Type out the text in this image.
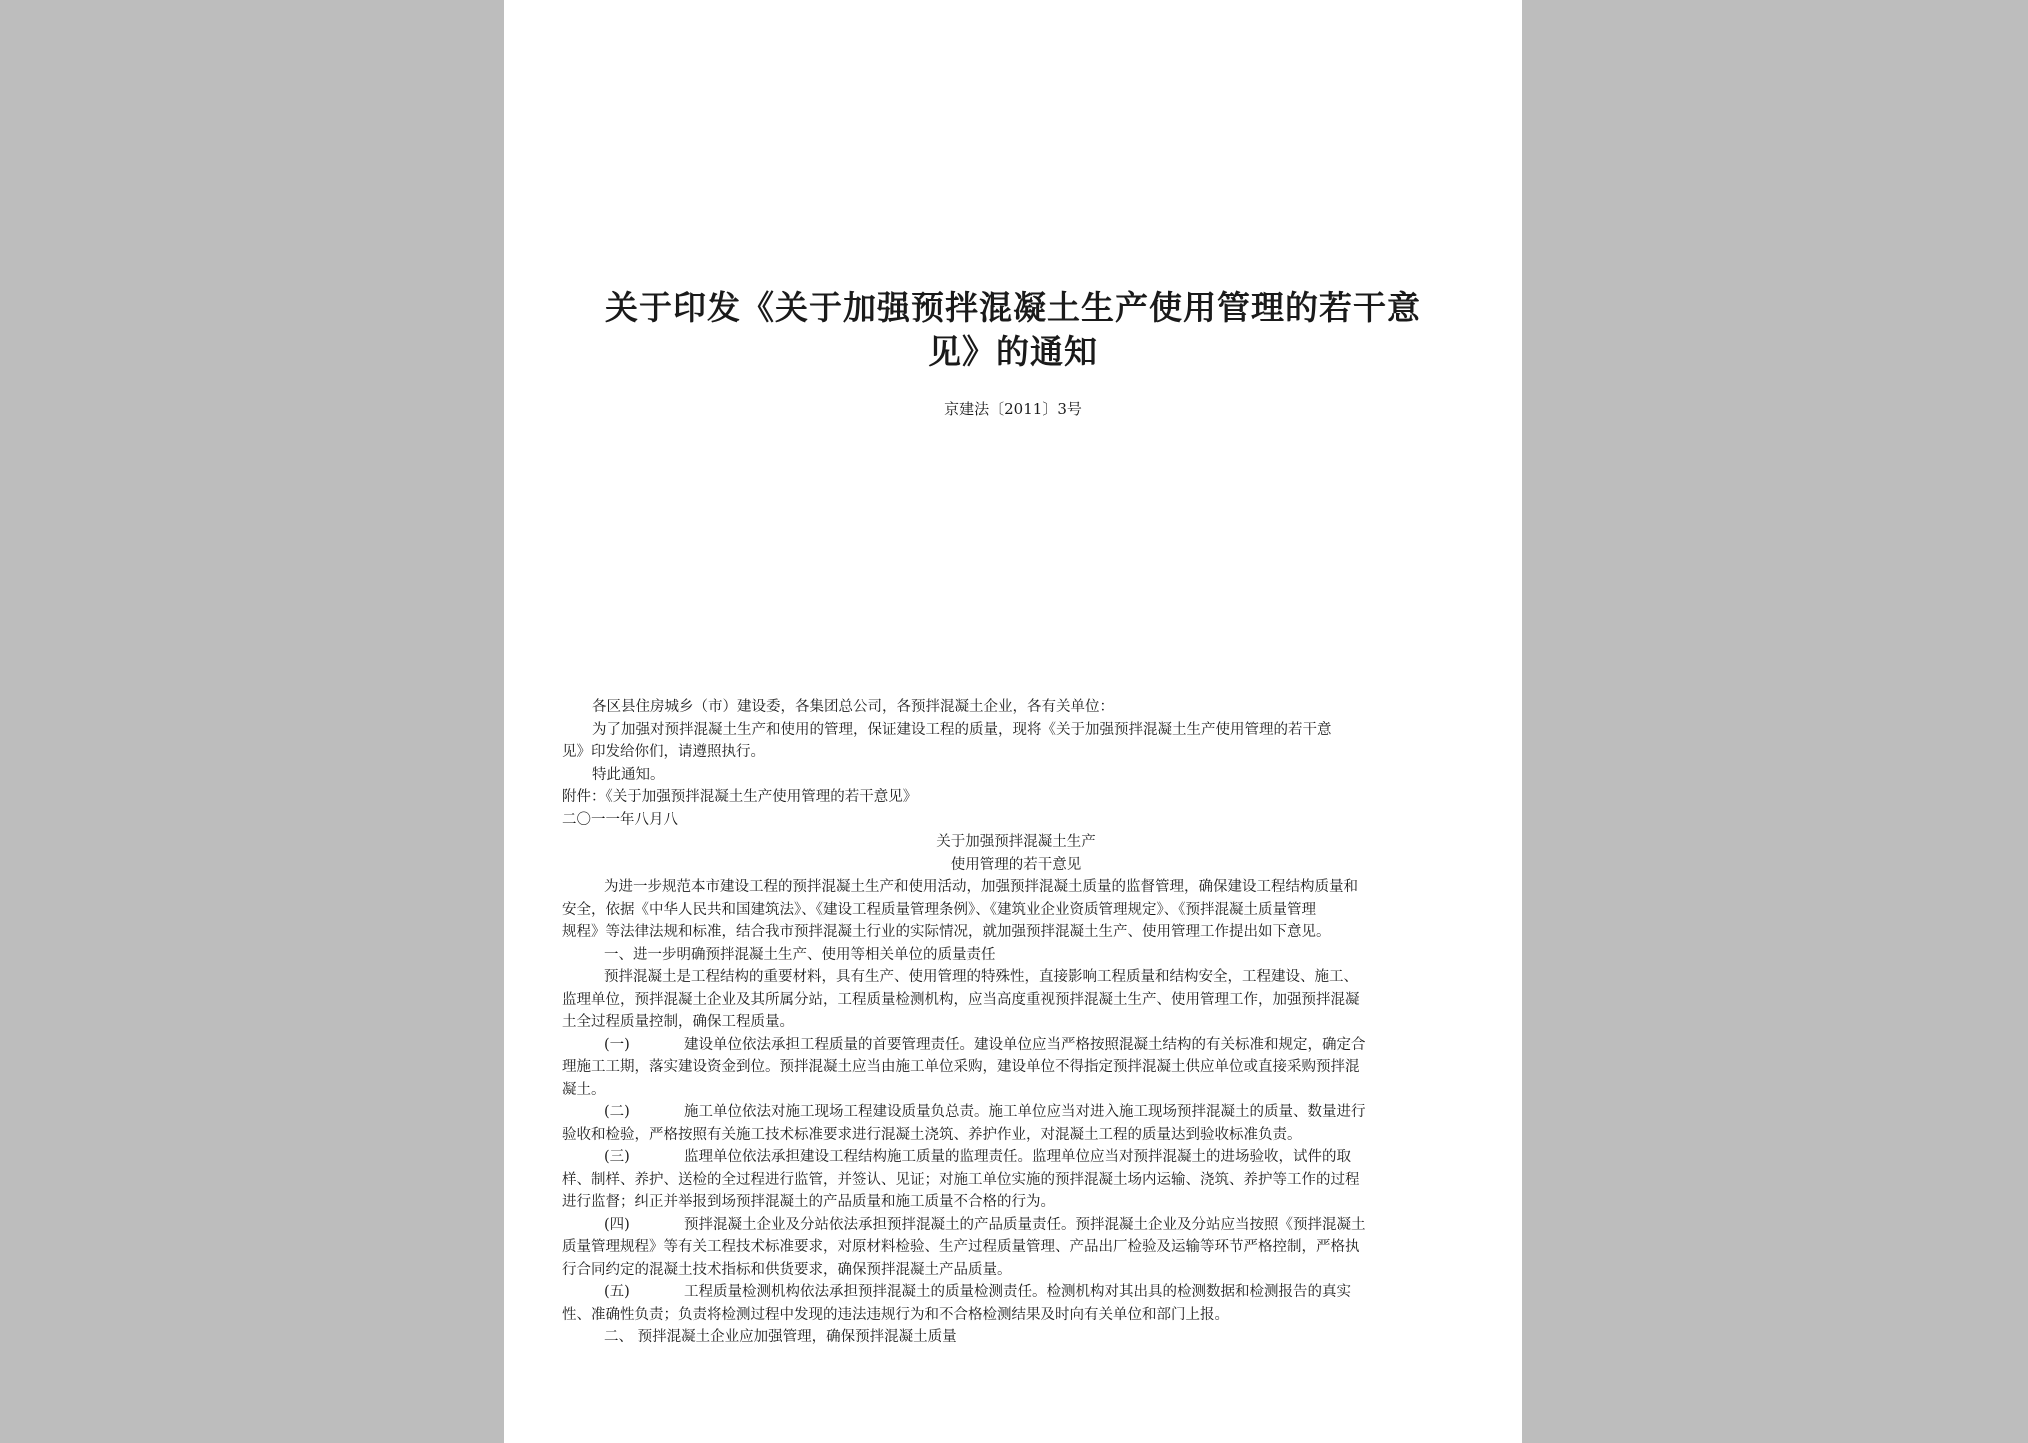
关于印发《关于加强预拌混凝土生产使用管理的若干意
见》的通知
京建法〔2011〕3号

各区县住房城乡（市）建设委，各集团总公司，各预拌混凝土企业，各有关单位：

为了加强对预拌混凝土生产和使用的管理，保证建设工程的质量，现将《关于加强预拌混凝土生产使用管理的若干意

见》印发给你们，请遵照执行。

特此通知。

附件：《关于加强预拌混凝土生产使用管理的若干意见》

二〇一一年八月八

关于加强预拌混凝土生产

使用管理的若干意见

为进一步规范本市建设工程的预拌混凝土生产和使用活动，加强预拌混凝土质量的监督管理，确保建设工程结构质量和

安全，依据《中华人民共和国建筑法》、《建设工程质量管理条例》、《建筑业企业资质管理规定》、《预拌混凝土质量管理

规程》等法律法规和标准，结合我市预拌混凝土行业的实际情况，就加强预拌混凝土生产、使用管理工作提出如下意见。

一、进一步明确预拌混凝土生产、使用等相关单位的质量责任

预拌混凝土是工程结构的重要材料，具有生产、使用管理的特殊性，直接影响工程质量和结构安全，工程建设、施工、

监理单位，预拌混凝土企业及其所属分站，工程质量检测机构，应当高度重视预拌混凝土生产、使用管理工作，加强预拌混凝

土全过程质量控制，确保工程质量。

(一)	建设单位依法承担工程质量的首要管理责任。建设单位应当严格按照混凝土结构的有关标准和规定，确定合

理施工工期，落实建设资金到位。预拌混凝土应当由施工单位采购，建设单位不得指定预拌混凝土供应单位或直接采购预拌混

凝土。

(二)	施工单位依法对施工现场工程建设质量负总责。施工单位应当对进入施工现场预拌混凝土的质量、数量进行

验收和检验，严格按照有关施工技术标准要求进行混凝土浇筑、养护作业，对混凝土工程的质量达到验收标准负责。

(三)	监理单位依法承担建设工程结构施工质量的监理责任。监理单位应当对预拌混凝土的进场验收，试件的取

样、制样、养护、送检的全过程进行监管，并签认、见证；对施工单位实施的预拌混凝土场内运输、浇筑、养护等工作的过程

进行监督；纠正并举报到场预拌混凝土的产品质量和施工质量不合格的行为。

(四)	预拌混凝土企业及分站依法承担预拌混凝土的产品质量责任。预拌混凝土企业及分站应当按照《预拌混凝土

质量管理规程》等有关工程技术标准要求，对原材料检验、生产过程质量管理、产品出厂检验及运输等环节严格控制，严格执

行合同约定的混凝土技术指标和供货要求，确保预拌混凝土产品质量。

(五)	工程质量检测机构依法承担预拌混凝土的质量检测责任。检测机构对其出具的检测数据和检测报告的真实

性、准确性负责；负责将检测过程中发现的违法违规行为和不合格检测结果及时向有关单位和部门上报。

二、 预拌混凝土企业应加强管理，确保预拌混凝土质量
